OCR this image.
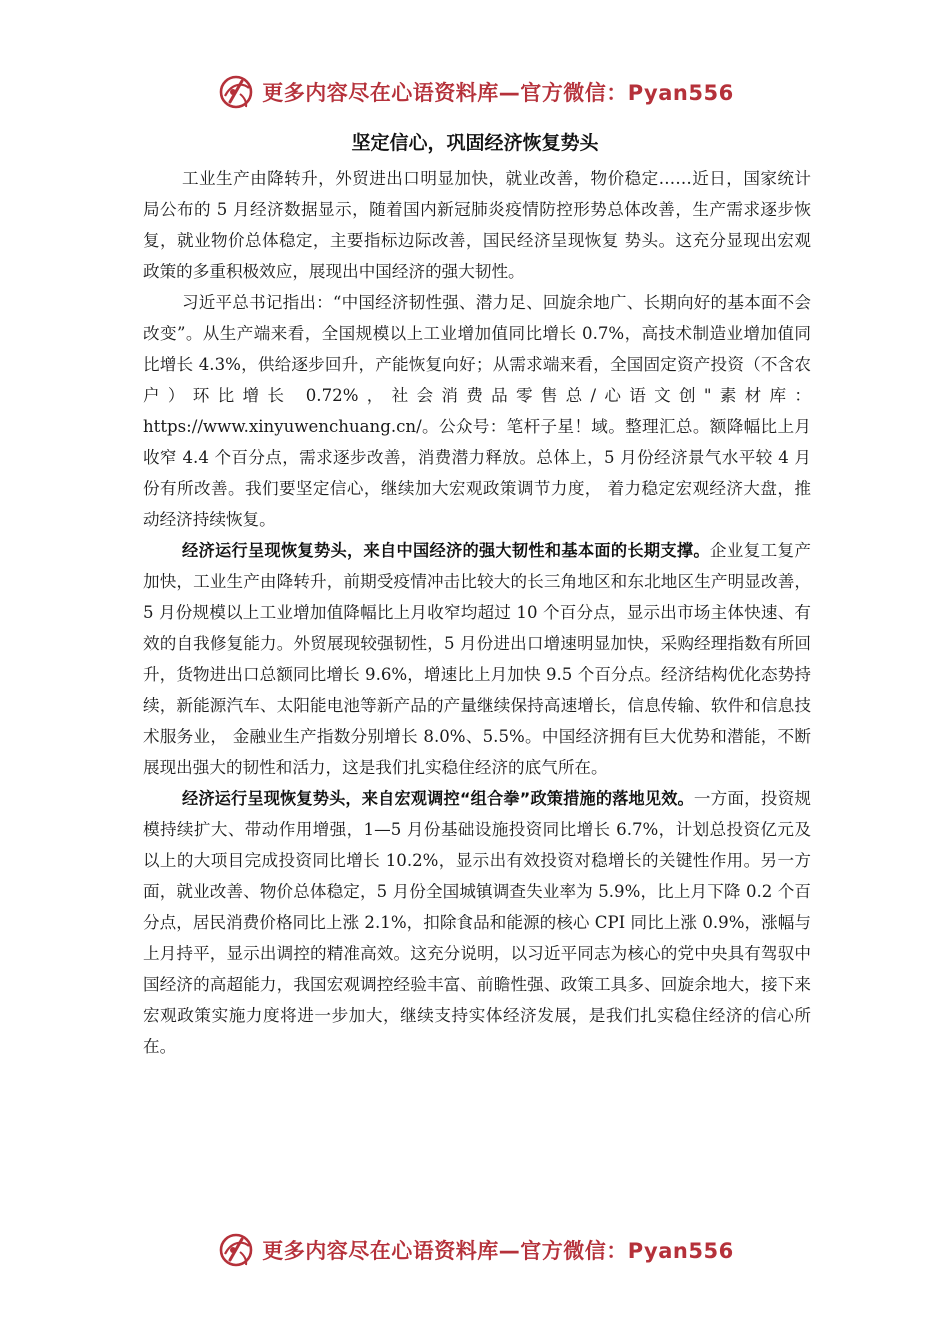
更多内容尽在心语资料库—官方微信：Pyan556
坚定信心，巩固经济恢复势头

工业生产由降转升，外贸进出口明显加快，就业改善，物价稳定……近日，国家统计局公布的 5 月经济数据显示，随着国内新冠肺炎疫情防控形势总体改善，生产需求逐步恢复，就业物价总体稳定，主要指标边际改善，国民经济呈现恢复 势头。这充分显现出宏观政策的多重积极效应，展现出中国经济的强大韧性。

习近平总书记指出：“中国经济韧性强、潜力足、回旋余地广、长期向好的基本面不会改变”。从生产端来看，全国规模以上工业增加值同比增长 0.7%，高技术制造业增加值同比增长 4.3%，供给逐步回升，产能恢复向好；从需求端来看，全国固定资产投资（不含农户）环比增长 0.72%，社会消费品零售总/心语文创"素材库：https://www.xinyuwenchuang.cn/。公众号：笔杆子星！域。整理汇总。额降幅比上月收窄 4.4 个百分点，需求逐步改善，消费潜力释放。总体上，5 月份经济景气水平较 4 月份有所改善。我们要坚定信心，继续加大宏观政策调节力度， 着力稳定宏观经济大盘，推动经济持续恢复。

经济运行呈现恢复势头，来自中国经济的强大韧性和基本面的长期支撑。企业复工复产加快，工业生产由降转升，前期受疫情冲击比较大的长三角地区和东北地区生产明显改善，5 月份规模以上工业增加值降幅比上月收窄均超过 10 个百分点，显示出市场主体快速、有效的自我修复能力。外贸展现较强韧性，5 月份进出口增速明显加快，采购经理指数有所回升，货物进出口总额同比增长 9.6%，增速比上月加快 9.5 个百分点。经济结构优化态势持续，新能源汽车、太阳能电池等新产品的产量继续保持高速增长，信息传输、软件和信息技术服务业， 金融业生产指数分别增长 8.0%、5.5%。中国经济拥有巨大优势和潜能，不断展现出强大的韧性和活力，这是我们扎实稳住经济的底气所在。

经济运行呈现恢复势头，来自宏观调控“组合拳”政策措施的落地见效。一方面，投资规模持续扩大、带动作用增强，1—5 月份基础设施投资同比增长 6.7%，计划总投资亿元及以上的大项目完成投资同比增长 10.2%，显示出有效投资对稳增长的关键性作用。另一方面，就业改善、物价总体稳定，5 月份全国城镇调查失业率为 5.9%，比上月下降 0.2 个百分点，居民消费价格同比上涨 2.1%，扣除食品和能源的核心 CPI 同比上涨 0.9%，涨幅与上月持平，显示出调控的精准高效。这充分说明，以习近平同志为核心的党中央具有驾驭中国经济的高超能力，我国宏观调控经验丰富、前瞻性强、政策工具多、回旋余地大，接下来宏观政策实施力度将进一步加大，继续支持实体经济发展，是我们扎实稳住经济的信心所在。

更多内容尽在心语资料库—官方微信：Pyan556
